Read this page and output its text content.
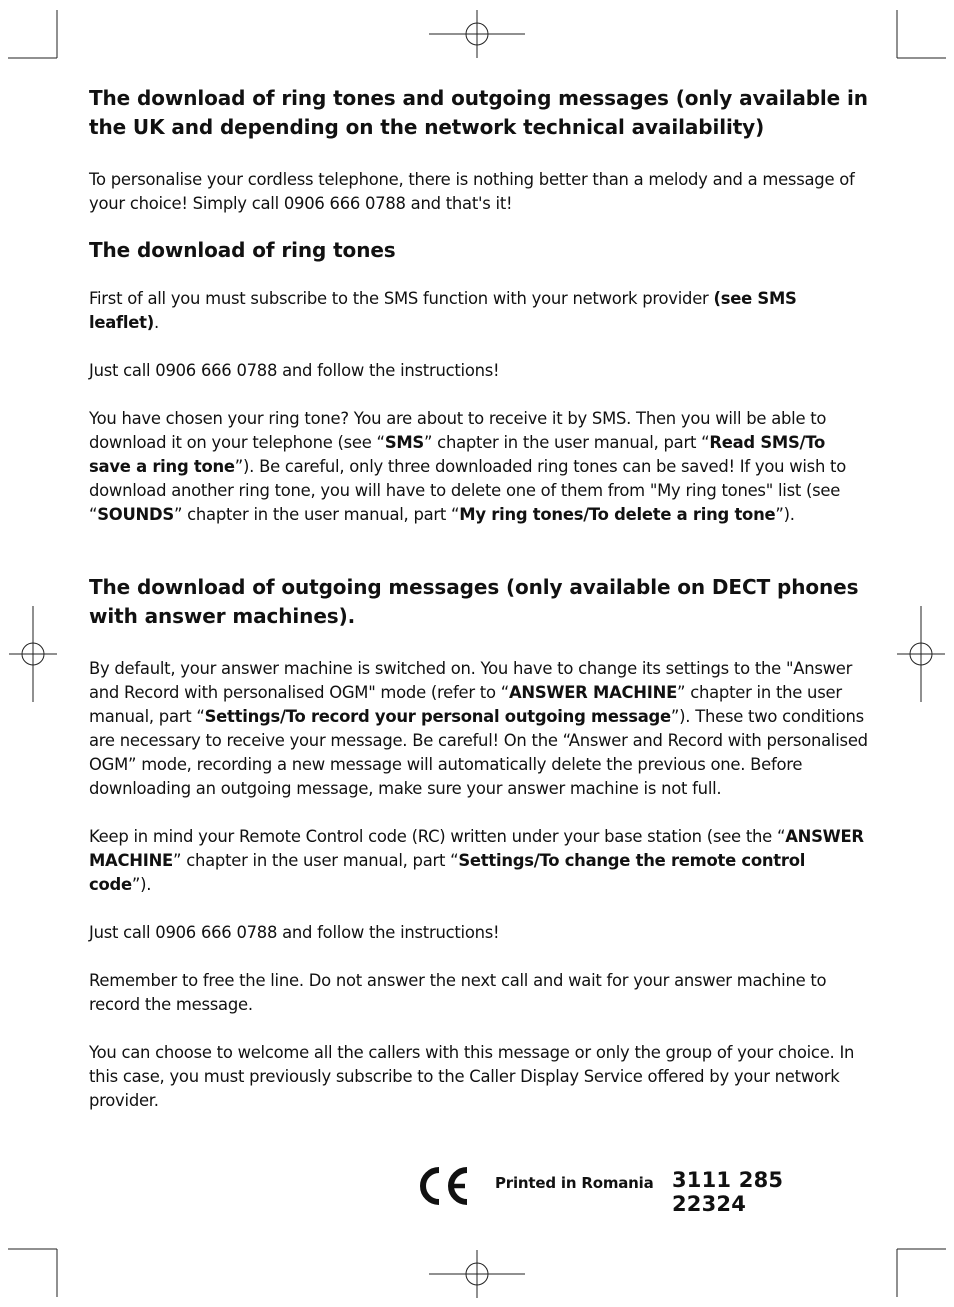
The download of ring tones and outgoing messages (only available in the UK and depending on the network technical availability)

To personalise your cordless telephone, there is nothing better than a melody and a message of your choice! Simply call 0906 666 0788 and that's it!

The download of ring tones

First of all you must subscribe to the SMS function with your network provider (see SMS leaflet).

Just call 0906 666 0788 and follow the instructions!

You have chosen your ring tone? You are about to receive it by SMS. Then you will be able to download it on your telephone (see “SMS” chapter in the user manual, part “Read SMS/To save a ring tone”). Be careful, only three downloaded ring tones can be saved! If you wish to download another ring tone, you will have to delete one of them from "My ring tones" list (see “SOUNDS” chapter in the user manual, part “My ring tones/To delete a ring tone”).

The download of outgoing messages (only available on DECT phones with answer machines).

By default, your answer machine is switched on. You have to change its settings to the "Answer and Record with personalised OGM" mode (refer to “ANSWER MACHINE” chapter in the user manual, part “Settings/To record your personal outgoing message”). These two conditions are necessary to receive your message. Be careful! On the “Answer and Record with personalised OGM” mode, recording a new message will automatically delete the previous one. Before downloading an outgoing message, make sure your answer machine is not full.

Keep in mind your Remote Control code (RC) written under your base station (see the “ANSWER MACHINE” chapter in the user manual, part “Settings/To change the remote control code”).

Just call 0906 666 0788 and follow the instructions!

Remember to free the line. Do not answer the next call and wait for your answer machine to record the message.

You can choose to welcome all the callers with this message or only the group of your choice. In this case, you must previously subscribe to the Caller Display Service offered by your network provider.

Printed in Romania 3111 285 22324
